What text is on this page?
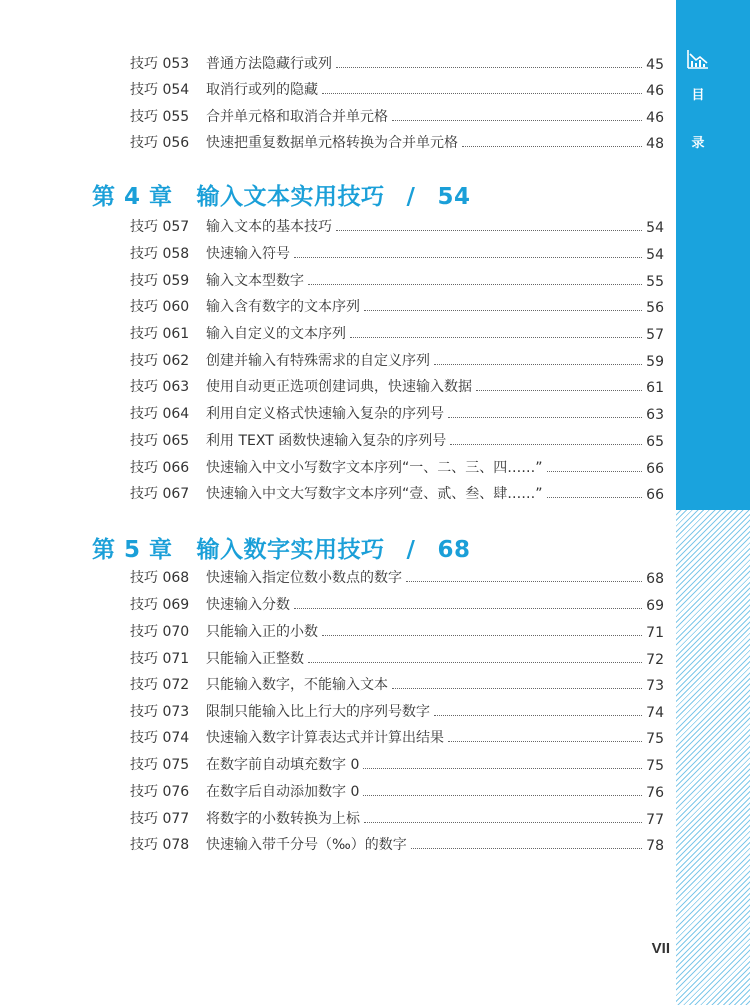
目
录
技巧 053	普通方法隐藏行或列	45
技巧 054	取消行或列的隐藏	46
技巧 055	合并单元格和取消合并单元格	46
技巧 056	快速把重复数据单元格转换为合并单元格	48
第 4 章 输入文本实用技巧 / 54
技巧 057	输入文本的基本技巧	54
技巧 058	快速输入符号	54
技巧 059	输入文本型数字	55
技巧 060	输入含有数字的文本序列	56
技巧 061	输入自定义的文本序列	57
技巧 062	创建并输入有特殊需求的自定义序列	59
技巧 063	使用自动更正选项创建词典，快速输入数据	61
技巧 064	利用自定义格式快速输入复杂的序列号	63
技巧 065	利用 TEXT 函数快速输入复杂的序列号	65
技巧 066	快速输入中文小写数字文本序列“一、二、三、四……”	66
技巧 067	快速输入中文大写数字文本序列“壹、贰、叁、肆……”	66
第 5 章 输入数字实用技巧 / 68
技巧 068	快速输入指定位数小数点的数字	68
技巧 069	快速输入分数	69
技巧 070	只能输入正的小数	71
技巧 071	只能输入正整数	72
技巧 072	只能输入数字，不能输入文本	73
技巧 073	限制只能输入比上行大的序列号数字	74
技巧 074	快速输入数字计算表达式并计算出结果	75
技巧 075	在数字前自动填充数字 0	75
技巧 076	在数字后自动添加数字 0	76
技巧 077	将数字的小数转换为上标	77
技巧 078	快速输入带千分号（‰）的数字	78
VII
